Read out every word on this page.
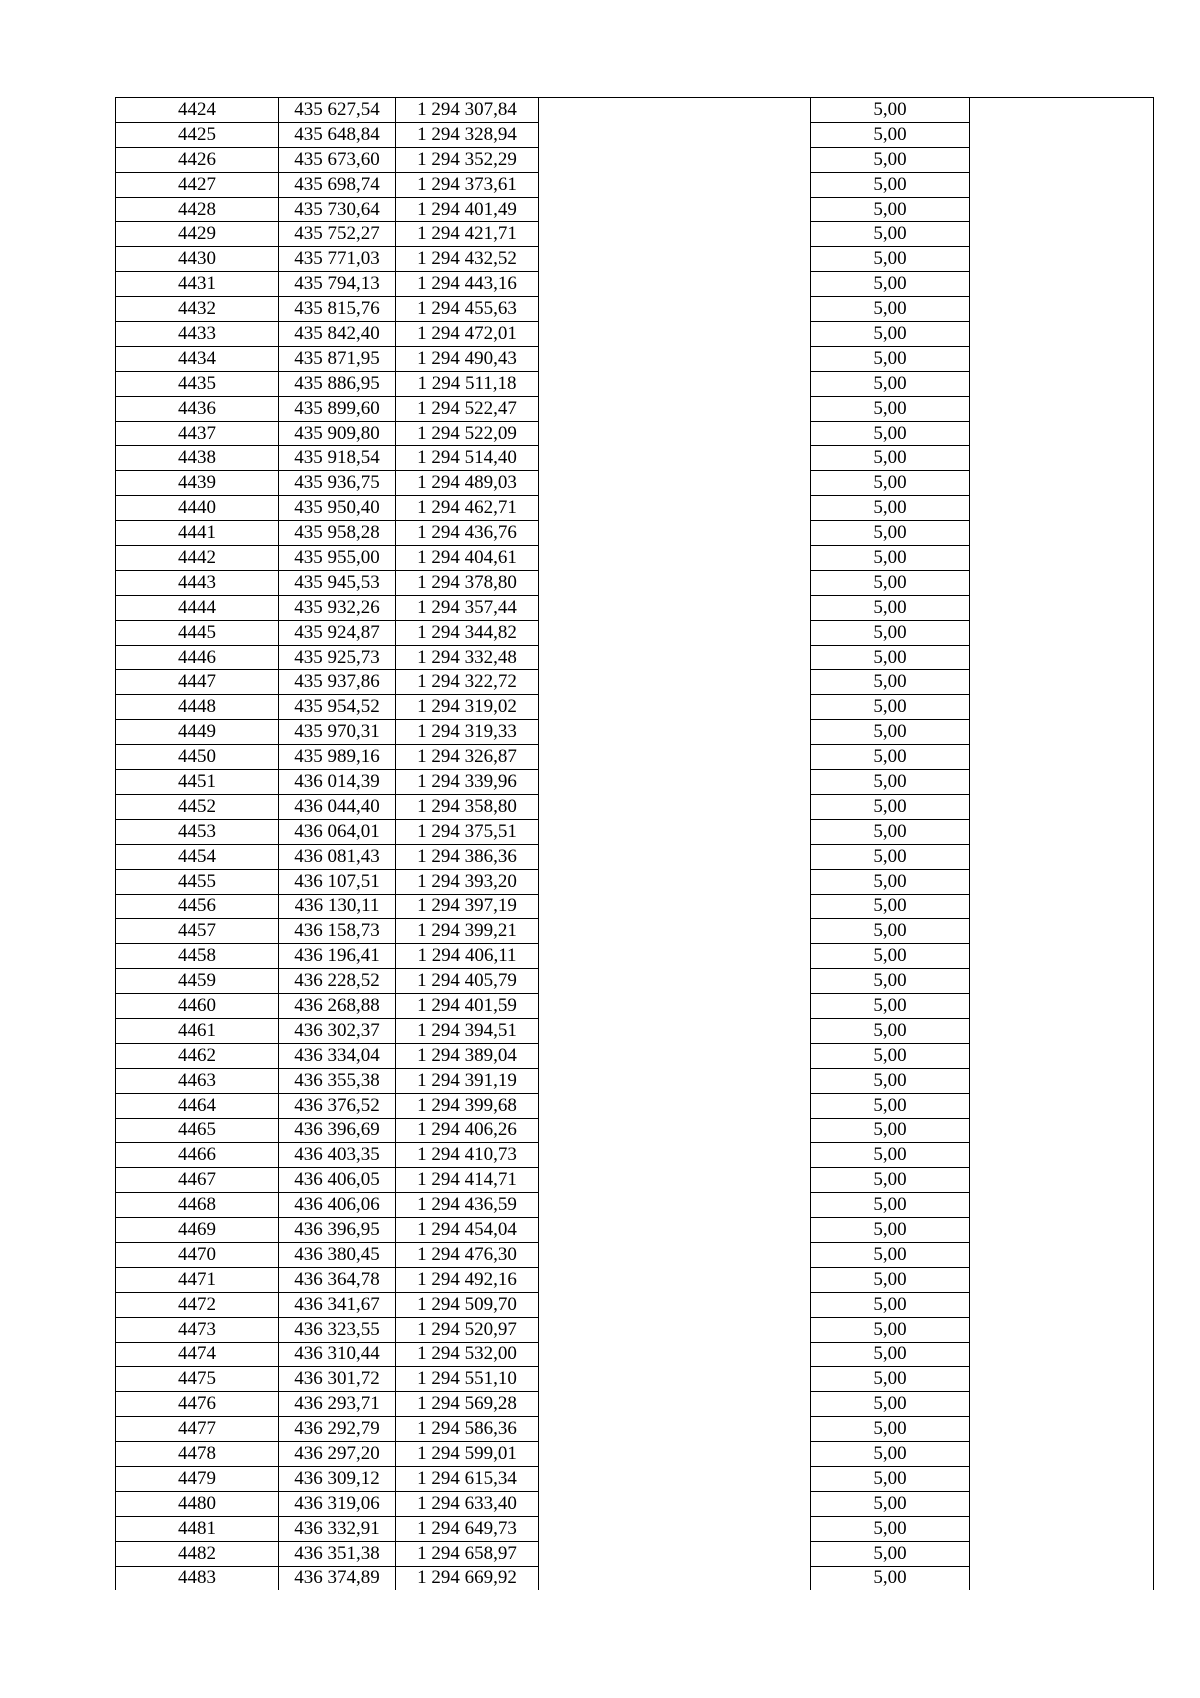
4424	435 627,54	1 294 307,84		5,00	
4425	435 648,84	1 294 328,94		5,00	
4426	435 673,60	1 294 352,29		5,00	
4427	435 698,74	1 294 373,61		5,00	
4428	435 730,64	1 294 401,49		5,00	
4429	435 752,27	1 294 421,71		5,00	
4430	435 771,03	1 294 432,52		5,00	
4431	435 794,13	1 294 443,16		5,00	
4432	435 815,76	1 294 455,63		5,00	
4433	435 842,40	1 294 472,01		5,00	
4434	435 871,95	1 294 490,43		5,00	
4435	435 886,95	1 294 511,18		5,00	
4436	435 899,60	1 294 522,47		5,00	
4437	435 909,80	1 294 522,09		5,00	
4438	435 918,54	1 294 514,40		5,00	
4439	435 936,75	1 294 489,03		5,00	
4440	435 950,40	1 294 462,71		5,00	
4441	435 958,28	1 294 436,76		5,00	
4442	435 955,00	1 294 404,61		5,00	
4443	435 945,53	1 294 378,80		5,00	
4444	435 932,26	1 294 357,44		5,00	
4445	435 924,87	1 294 344,82		5,00	
4446	435 925,73	1 294 332,48		5,00	
4447	435 937,86	1 294 322,72		5,00	
4448	435 954,52	1 294 319,02		5,00	
4449	435 970,31	1 294 319,33		5,00	
4450	435 989,16	1 294 326,87		5,00	
4451	436 014,39	1 294 339,96		5,00	
4452	436 044,40	1 294 358,80		5,00	
4453	436 064,01	1 294 375,51		5,00	
4454	436 081,43	1 294 386,36		5,00	
4455	436 107,51	1 294 393,20		5,00	
4456	436 130,11	1 294 397,19		5,00	
4457	436 158,73	1 294 399,21		5,00	
4458	436 196,41	1 294 406,11		5,00	
4459	436 228,52	1 294 405,79		5,00	
4460	436 268,88	1 294 401,59		5,00	
4461	436 302,37	1 294 394,51		5,00	
4462	436 334,04	1 294 389,04		5,00	
4463	436 355,38	1 294 391,19		5,00	
4464	436 376,52	1 294 399,68		5,00	
4465	436 396,69	1 294 406,26		5,00	
4466	436 403,35	1 294 410,73		5,00	
4467	436 406,05	1 294 414,71		5,00	
4468	436 406,06	1 294 436,59		5,00	
4469	436 396,95	1 294 454,04		5,00	
4470	436 380,45	1 294 476,30		5,00	
4471	436 364,78	1 294 492,16		5,00	
4472	436 341,67	1 294 509,70		5,00	
4473	436 323,55	1 294 520,97		5,00	
4474	436 310,44	1 294 532,00		5,00	
4475	436 301,72	1 294 551,10		5,00	
4476	436 293,71	1 294 569,28		5,00	
4477	436 292,79	1 294 586,36		5,00	
4478	436 297,20	1 294 599,01		5,00	
4479	436 309,12	1 294 615,34		5,00	
4480	436 319,06	1 294 633,40		5,00	
4481	436 332,91	1 294 649,73		5,00	
4482	436 351,38	1 294 658,97		5,00	
4483	436 374,89	1 294 669,92		5,00	
